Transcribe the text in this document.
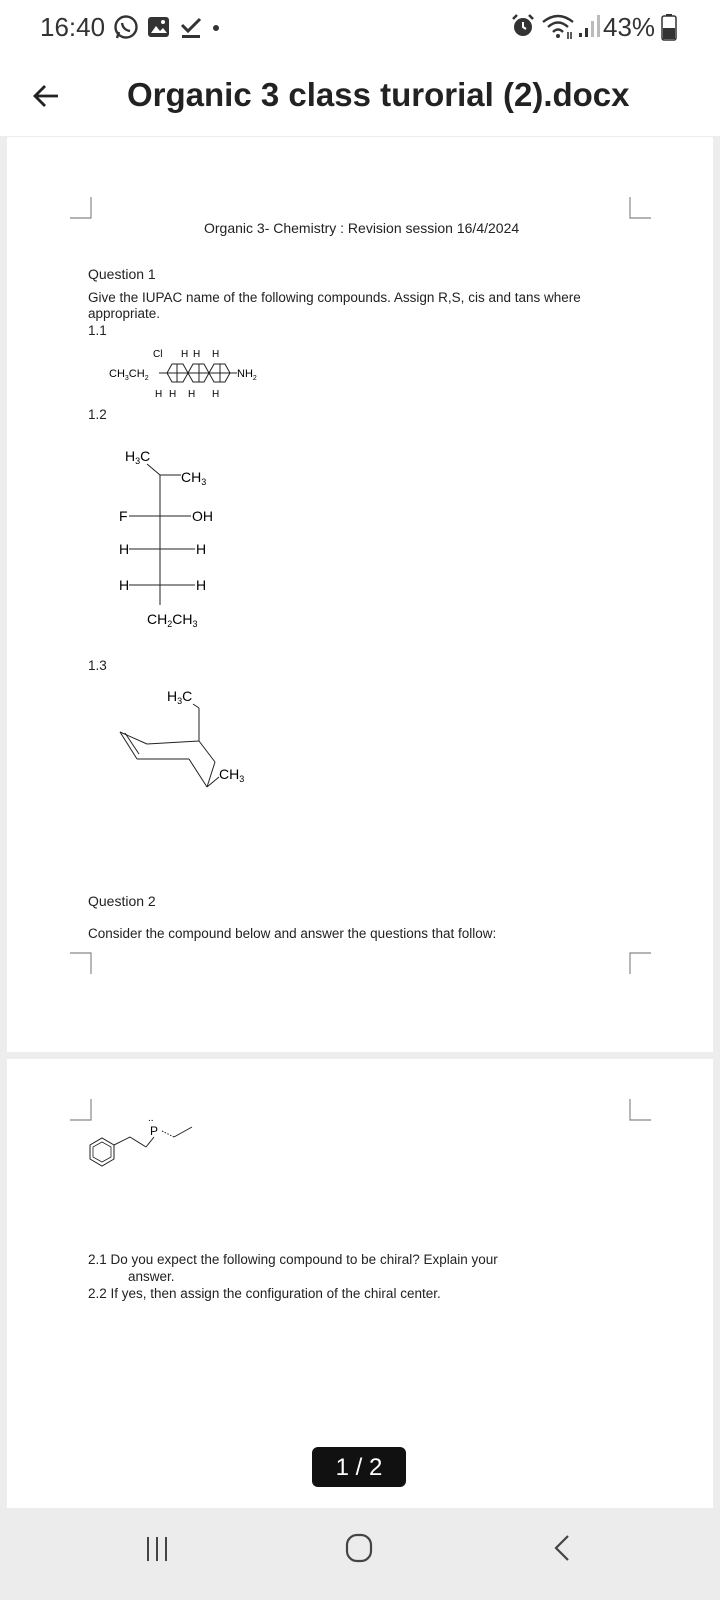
16:40	43%
Organic 3 class turorial (2).docx
Organic 3- Chemistry : Revision session 16/4/2024
Question 1
Give the IUPAC name of the following compounds. Assign R,S, cis and tans where
appropriate.
1.1
$CH_3CH_2$	$NH_2$
Cl H H H
H H H H
1.2
$H_3C$
$CH_3$
F	OH
H	H
H	H
$CH_2CH_3$
1.3
$H_3C$
$CH_3$
Question 2
Consider the compound below and answer the questions that follow:
P
..
2.1 Do you expect the following compound to be chiral? Explain your
answer.
2.2 If yes, then assign the configuration of the chiral center.
1 / 2
